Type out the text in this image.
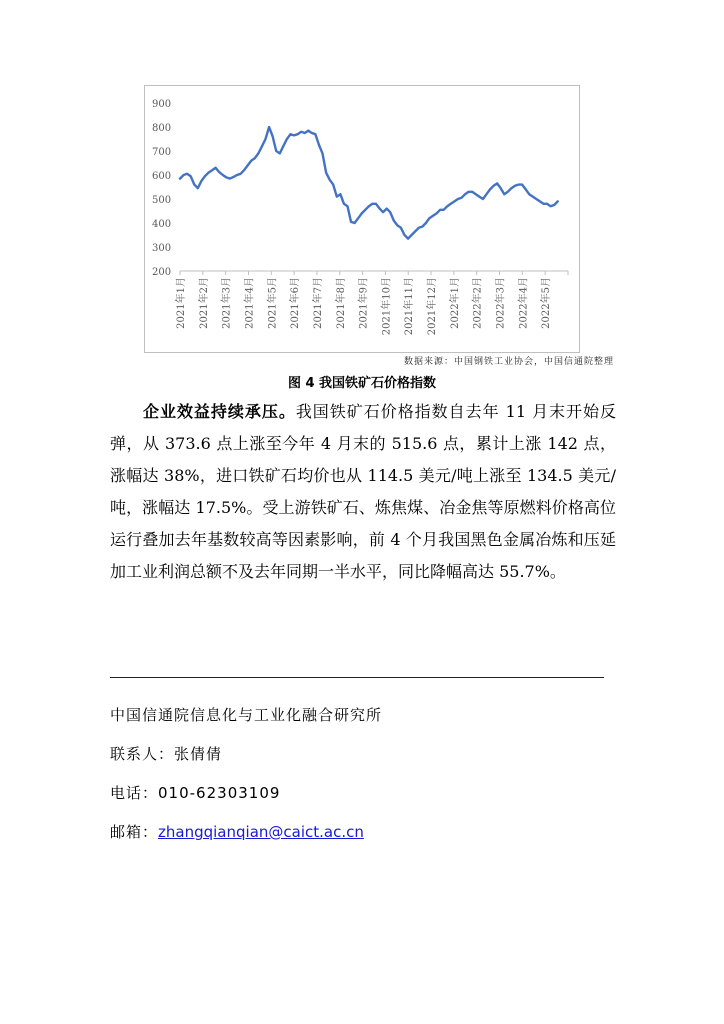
200
300
400
500
600
700
800
900
2021年1月 2021年2月 2021年3月 2021年4月 2021年5月 2021年6月 2021年7月 2021年8月 2021年9月 2021年10月 2021年11月 2021年12月 2022年1月 2022年2月 2022年3月 2022年4月 2022年5月
数据来源：中国钢铁工业协会，中国信通院整理
图 4 我国铁矿石价格指数
企业效益持续承压。我国铁矿石价格指数自去年 11 月末开始反弹，从 373.6 点上涨至今年 4 月末的 515.6 点，累计上涨 142 点，涨幅达 38%，进口铁矿石均价也从 114.5 美元/吨上涨至 134.5 美元/吨，涨幅达 17.5%。受上游铁矿石、炼焦煤、冶金焦等原燃料价格高位运行叠加去年基数较高等因素影响，前 4 个月我国黑色金属冶炼和压延加工业利润总额不及去年同期一半水平，同比降幅高达 55.7%。
中国信通院信息化与工业化融合研究所
联系人：张倩倩
电话：010-62303109
邮箱：zhangqianqian@caict.ac.cn
